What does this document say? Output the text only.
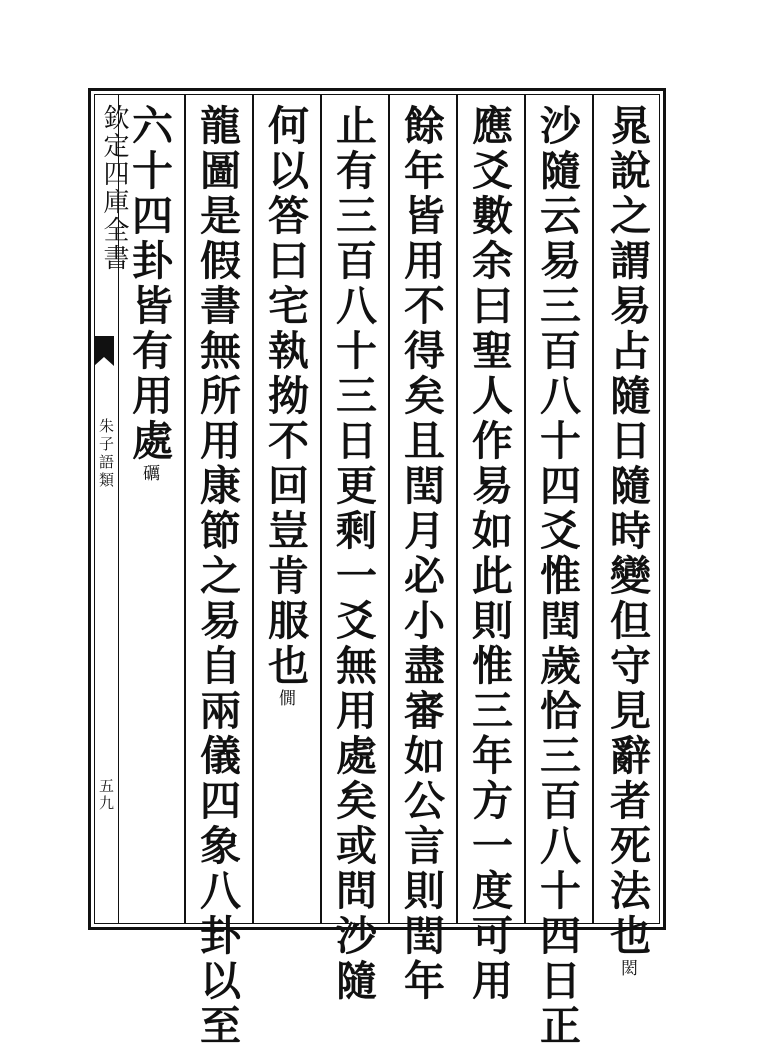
欽定四庫全書
朱子語類
五九	晁說之謂易占隨日隨時變但守見辭者死法也閎
沙隨云易三百八十四爻惟閏歲恰三百八十四日正
應爻數余曰聖人作易如此則惟三年方一度可用
餘年皆用不得矣且閏月必小盡審如公言則閏年
止有三百八十三日更剩一爻無用處矣或問沙隨
何以答曰宅執拗不回豈肯服也僩
龍圖是假書無所用康節之易自兩儀四象八卦以至
六十四卦皆有用處礪
